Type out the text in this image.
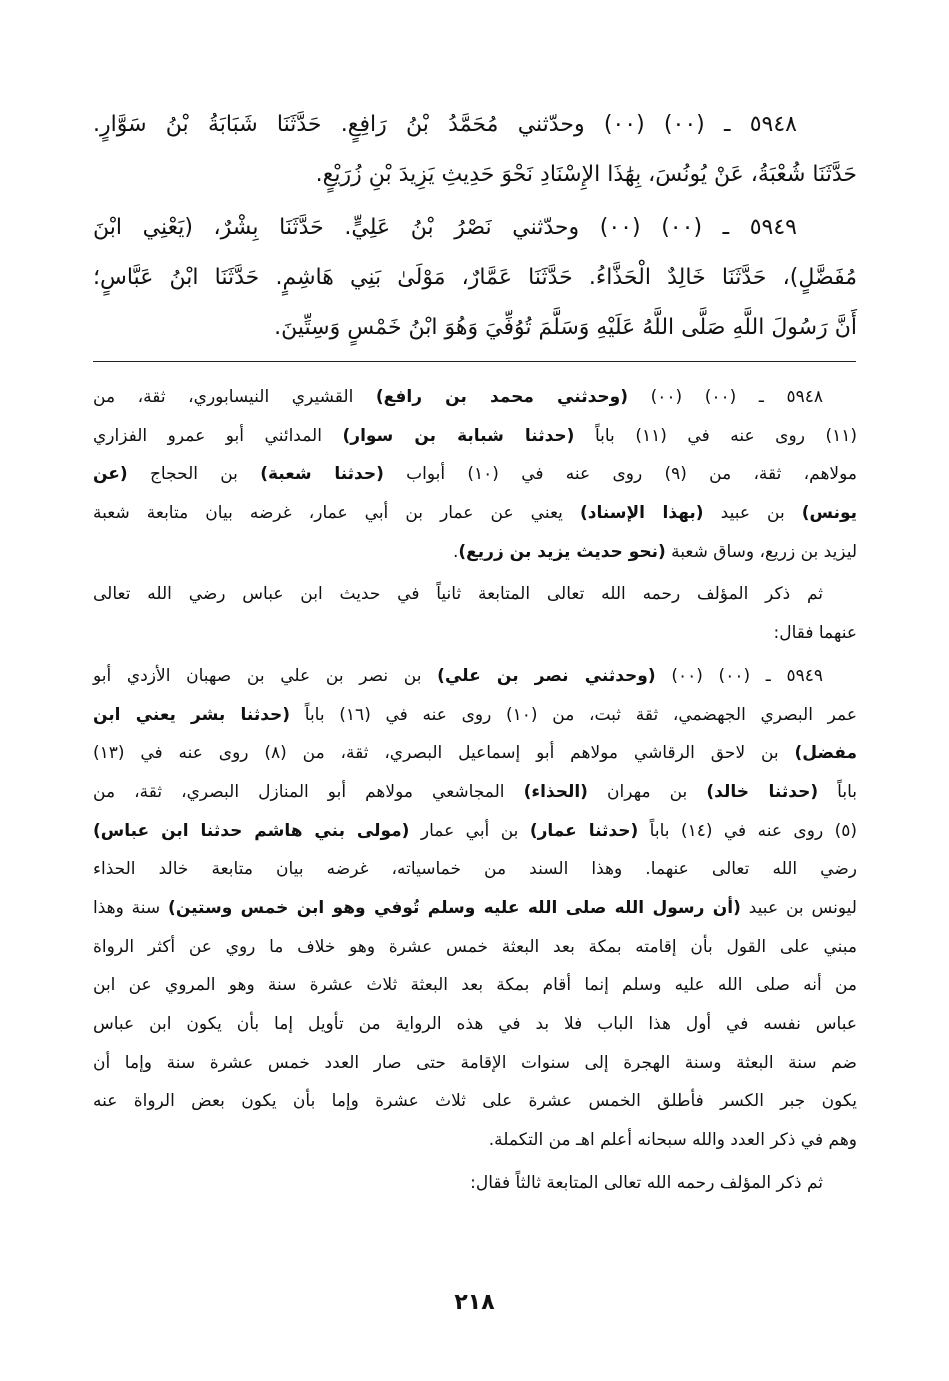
٥٩٤٨ ـ (٠٠) (٠٠) وحدّثني مُحَمَّدُ بْنُ رَافِعٍ. حَدَّثَنَا شَبَابَةُ بْنُ سَوَّارٍ.
حَدَّثَنَا شُعْبَةُ، عَنْ يُونُسَ، بِهَٰذَا الإِسْنَادِ نَحْوَ حَدِيثِ يَزِيدَ بْنِ زُرَيْعٍ.
٥٩٤٩ ـ (٠٠) (٠٠) وحدّثني نَصْرُ بْنُ عَلِيٍّ. حَدَّثَنَا بِشْرٌ، (يَعْنِي ابْنَ
مُفَضَّلٍ)، حَدَّثَنَا خَالِدٌ الْحَذَّاءُ. حَدَّثَنَا عَمَّارٌ، مَوْلَىٰ بَنِي هَاشِمٍ. حَدَّثَنَا ابْنُ عَبَّاسٍ؛
أَنَّ رَسُولَ اللَّهِ صَلَّى اللَّهُ عَلَيْهِ وَسَلَّمَ تُوُفِّيَ وَهُوَ ابْنُ خَمْسٍ وَسِتِّينَ.
٥٩٤٨ ـ (٠٠) (٠٠) (وحدثني محمد بن رافع) القشيري النيسابوري، ثقة، من
(١١) روى عنه في (١١) باباً (حدثنا شبابة بن سوار) المدائني أبو عمرو الفزاري
مولاهم، ثقة، من (٩) روى عنه في (١٠) أبواب (حدثنا شعبة) بن الحجاج (عن
يونس) بن عبيد (بهذا الإسناد) يعني عن عمار بن أبي عمار، غرضه بيان متابعة شعبة
ليزيد بن زريع، وساق شعبة (نحو حديث يزيد بن زريع).
ثم ذكر المؤلف رحمه الله تعالى المتابعة ثانياً في حديث ابن عباس رضي الله تعالى
عنهما فقال:
٥٩٤٩ ـ (٠٠) (٠٠) (وحدثني نصر بن علي) بن نصر بن علي بن صهبان الأزدي أبو
عمر البصري الجهضمي، ثقة ثبت، من (١٠) روى عنه في (١٦) باباً (حدثنا بشر يعني ابن
مفضل) بن لاحق الرقاشي مولاهم أبو إسماعيل البصري، ثقة، من (٨) روى عنه في (١٣)
باباً (حدثنا خالد) بن مهران (الحذاء) المجاشعي مولاهم أبو المنازل البصري، ثقة، من
(٥) روى عنه في (١٤) باباً (حدثنا عمار) بن أبي عمار (مولى بني هاشم حدثنا ابن عباس)
رضي الله تعالى عنهما. وهذا السند من خماسياته، غرضه بيان متابعة خالد الحذاء
ليونس بن عبيد (أن رسول الله صلى الله عليه وسلم تُوفي وهو ابن خمس وستين) سنة وهذا
مبني على القول بأن إقامته بمكة بعد البعثة خمس عشرة وهو خلاف ما روي عن أكثر الرواة
من أنه صلى الله عليه وسلم إنما أقام بمكة بعد البعثة ثلاث عشرة سنة وهو المروي عن ابن
عباس نفسه في أول هذا الباب فلا بد في هذه الرواية من تأويل إما بأن يكون ابن عباس
ضم سنة البعثة وسنة الهجرة إلى سنوات الإقامة حتى صار العدد خمس عشرة سنة وإما أن
يكون جبر الكسر فأطلق الخمس عشرة على ثلاث عشرة وإما بأن يكون بعض الرواة عنه
وهم في ذكر العدد والله سبحانه أعلم اهـ من التكملة.
ثم ذكر المؤلف رحمه الله تعالى المتابعة ثالثاً فقال:
٢١٨
